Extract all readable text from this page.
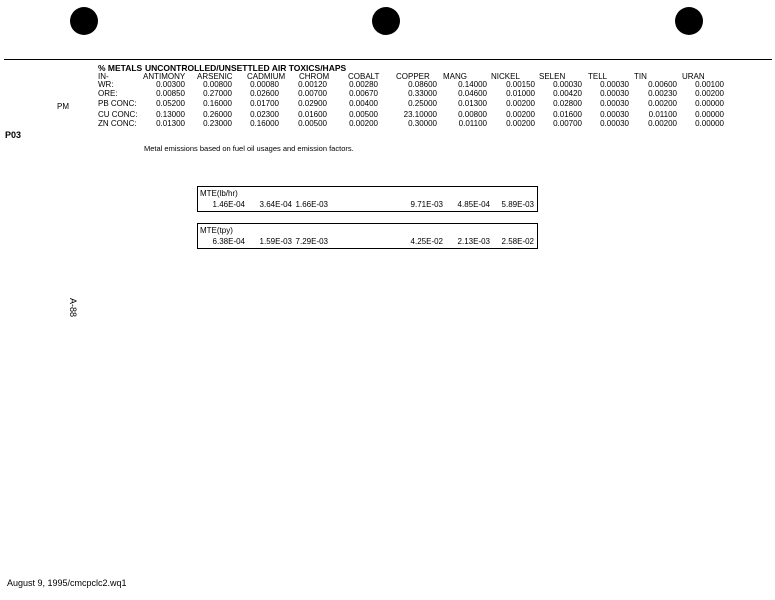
% METALS UNCONTROLLED/UNSETTLED AIR TOXICS/HAPS
ANTIMONY ARSENIC CADMIUM CHROM COBALT COPPER MANG	NICKEL SELEN	TELL	TIN	URAN
IN-
WR:	0.00300	0.00800	0.00080	0.00120	0.00280	0.08600	0.14000	0.00150	0.00030	0.00030	0.00600	0.00100
ORE:	0.00850	0.27000	0.02600	0.00700	0.00670	0.33000	0.04600	0.01000	0.00420	0.00030	0.00230	0.00200
PB CONC:	0.05200	0.16000	0.01700	0.02900	0.00400	0.25000	0.01300	0.00200	0.02800	0.00030	0.00200	0.00000
CU CONC:	0.13000	0.26000	0.02300	0.01600	0.00500	23.10000	0.00800	0.00200	0.01600	0.00030	0.01100	0.00000
ZN CONC:	0.01300	0.23000	0.16000	0.00500	0.00200	0.30000	0.01100	0.00200	0.00700	0.00030	0.00200	0.00000
PM
P03
Metal emissions based on fuel oil usages and emission factors.
MTE(lb/hr)
1.46E-04	3.64E-04 1.66E-03	9.71E-03	4.85E-04	5.89E-03
MTE(tpy)
6.38E-04	1.59E-03 7.29E-03	4.25E-02	2.13E-03	2.58E-02
A-88
August 9, 1995/cmcpclc2.wq1
